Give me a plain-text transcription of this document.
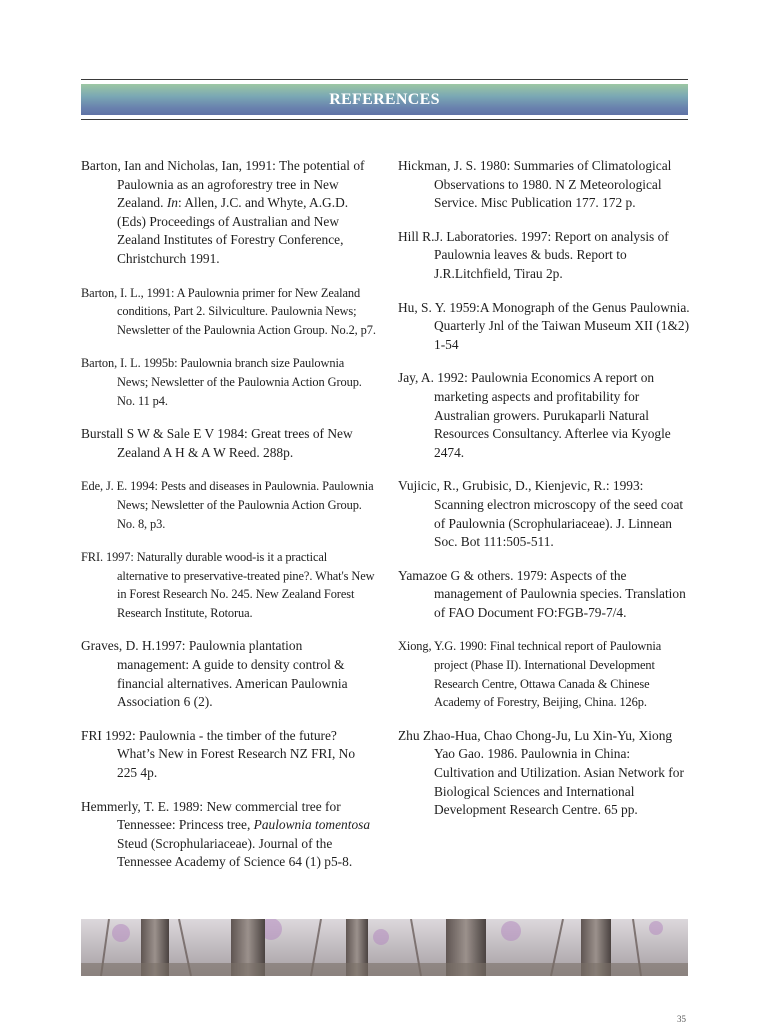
REFERENCES

Barton, Ian and Nicholas, Ian, 1991: The potential of Paulownia as an agroforestry tree in New Zealand. In: Allen, J.C. and Whyte, A.G.D. (Eds) Proceedings of Australian and New Zealand Institutes of Forestry Conference, Christchurch 1991.

Barton, I. L., 1991: A Paulownia primer for New Zealand conditions, Part 2. Silviculture. Paulownia News; Newsletter of the Paulownia Action Group. No.2, p7.

Barton, I. L. 1995b: Paulownia branch size Paulownia News; Newsletter of the Paulownia Action Group. No. 11 p4.

Burstall S W & Sale E V 1984: Great trees of New Zealand A H & A W Reed. 288p.

Ede, J. E. 1994: Pests and diseases in Paulownia. Paulownia News; Newsletter of the Paulownia Action Group. No. 8, p3.

FRI. 1997: Naturally durable wood-is it a practical alternative to preservative-treated pine?. What's New in Forest Research No. 245. New Zealand Forest Research Institute, Rotorua.

Graves, D. H.1997: Paulownia plantation management: A guide to density control & financial alternatives. American Paulownia Association 6 (2).

FRI 1992: Paulownia - the timber of the future? What’s New in Forest Research NZ FRI, No 225 4p.

Hemmerly, T. E. 1989: New commercial tree for Tennessee: Princess tree, Paulownia tomentosa Steud (Scrophulariaceae). Journal of the Tennessee Academy of Science 64 (1) p5-8.

Hickman, J. S. 1980: Summaries of Climatological Observations to 1980. N Z Meteorological Service. Misc Publication 177. 172 p.

Hill R.J. Laboratories. 1997: Report on analysis of Paulownia leaves & buds. Report to J.R.Litchfield, Tirau 2p.

Hu, S. Y. 1959:A Monograph of the Genus Paulownia. Quarterly Jnl of the Taiwan Museum XII (1&2) 1-54

Jay, A. 1992: Paulownia Economics A report on marketing aspects and profitability for Australian growers. Purukaparli Natural Resources Consultancy. Afterlee via Kyogle 2474.

Vujicic, R., Grubisic, D., Kienjevic, R.: 1993: Scanning electron microscopy of the seed coat of Paulownia (Scrophulariaceae). J. Linnean Soc. Bot 111:505-511.

Yamazoe G & others. 1979: Aspects of the management of Paulownia species. Translation of FAO Document FO:FGB-79-7/4.

Xiong, Y.G. 1990: Final technical report of Paulownia project (Phase II). International Development Research Centre, Ottawa Canada & Chinese Academy of Forestry, Beijing, China. 126p.

Zhu Zhao-Hua, Chao Chong-Ju, Lu Xin-Yu, Xiong Yao Gao. 1986. Paulownia in China: Cultivation and Utilization. Asian Network for Biological Sciences and International Development Research Centre. 65 pp.

35
